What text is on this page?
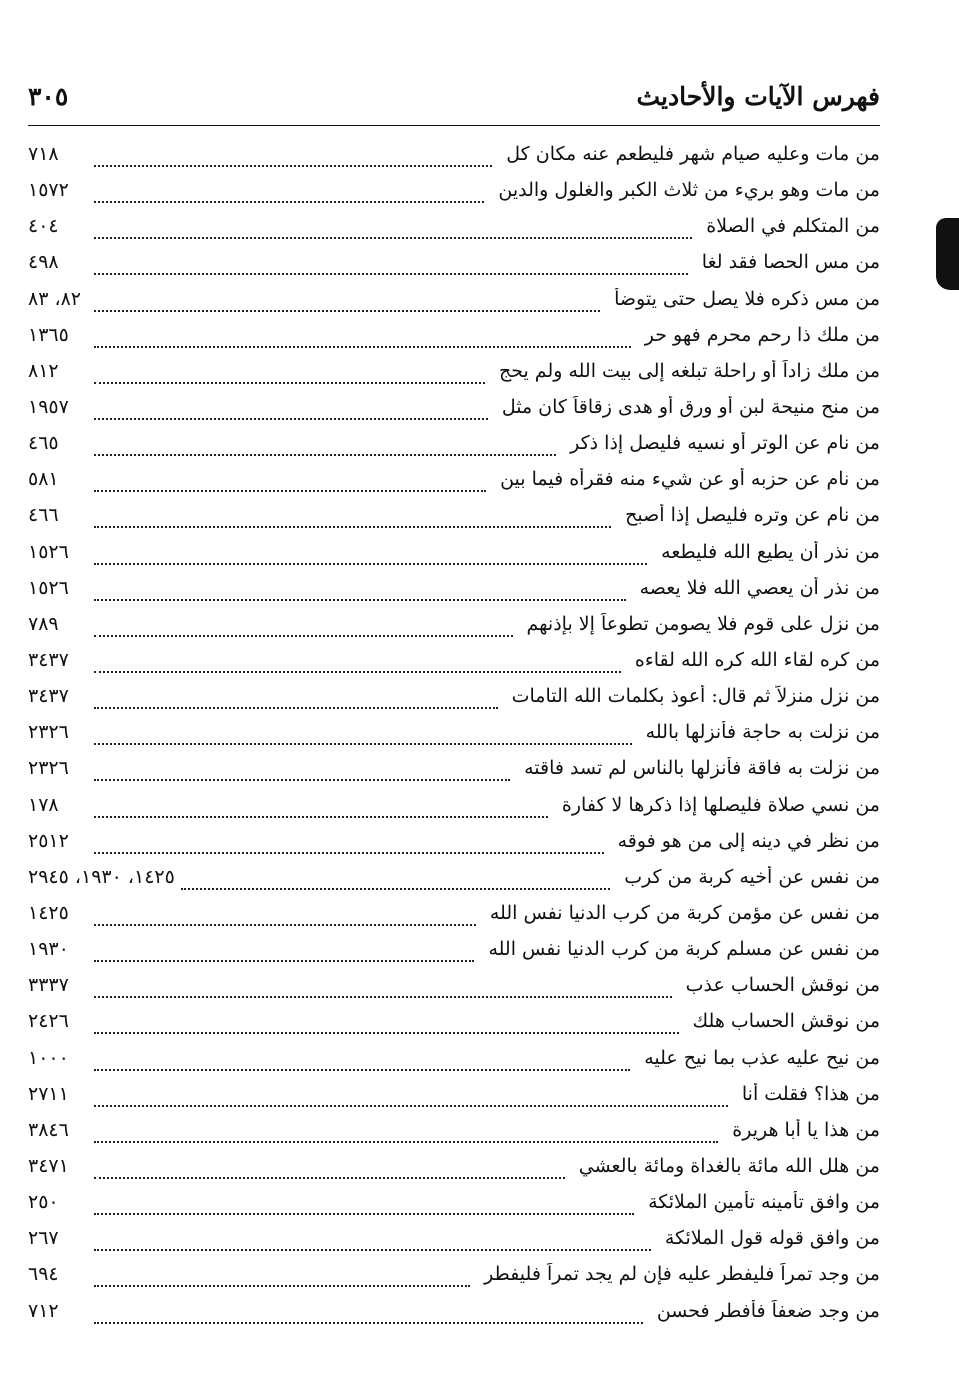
فهرس الآيات والأحاديث
٣٠٥
من مات وعليه صيام شهر فليطعم عنه مكان كل
٧١٨
من مات وهو بريء من ثلاث الكبر والغلول والدين
١٥٧٢
من المتكلم في الصلاة
٤٠٤
من مس الحصا فقد لغا
٤٩٨
من مس ذكره فلا يصل حتى يتوضأ
٨٢، ٨٣
من ملك ذا رحم محرم فهو حر
١٣٦٥
من ملك زاداً أو راحلة تبلغه إلى بيت الله ولم يحج
٨١٢
من منح منيحة لبن أو ورق أو هدى زقاقاً كان مثل
١٩٥٧
من نام عن الوتر أو نسيه فليصل إذا ذكر
٤٦٥
من نام عن حزبه أو عن شيء منه فقرأه فيما بين
٥٨١
من نام عن وتره فليصل إذا أصبح
٤٦٦
من نذر أن يطيع الله فليطعه
١٥٢٦
من نذر أن يعصي الله فلا يعصه
١٥٢٦
من نزل على قوم فلا يصومن تطوعاً إلا بإذنهم
٧٨٩
من كره لقاء الله كره الله لقاءه
٣٤٣٧
من نزل منزلاً ثم قال: أعوذ بكلمات الله التامات
٣٤٣٧
من نزلت به حاجة فأنزلها بالله
٢٣٢٦
من نزلت به فاقة فأنزلها بالناس لم تسد فاقته
٢٣٢٦
من نسي صلاة فليصلها إذا ذكرها لا كفارة
١٧٨
من نظر في دينه إلى من هو فوقه
٢٥١٢
من نفس عن أخيه كربة من كرب
١٤٢٥، ١٩٣٠، ٢٩٤٥
من نفس عن مؤمن كربة من كرب الدنيا نفس الله
١٤٢٥
من نفس عن مسلم كربة من كرب الدنيا نفس الله
١٩٣٠
من نوقش الحساب عذب
٣٣٣٧
من نوقش الحساب هلك
٢٤٢٦
من نيح عليه عذب بما نيح عليه
١٠٠٠
من هذا؟ فقلت أنا
٢٧١١
من هذا يا أبا هريرة
٣٨٤٦
من هلل الله مائة بالغداة ومائة بالعشي
٣٤٧١
من وافق تأمينه تأمين الملائكة
٢٥٠
من وافق قوله قول الملائكة
٢٦٧
من وجد تمراً فليفطر عليه فإن لم يجد تمراً فليفطر
٦٩٤
من وجد ضعفاً فأفطر فحسن
٧١٢
